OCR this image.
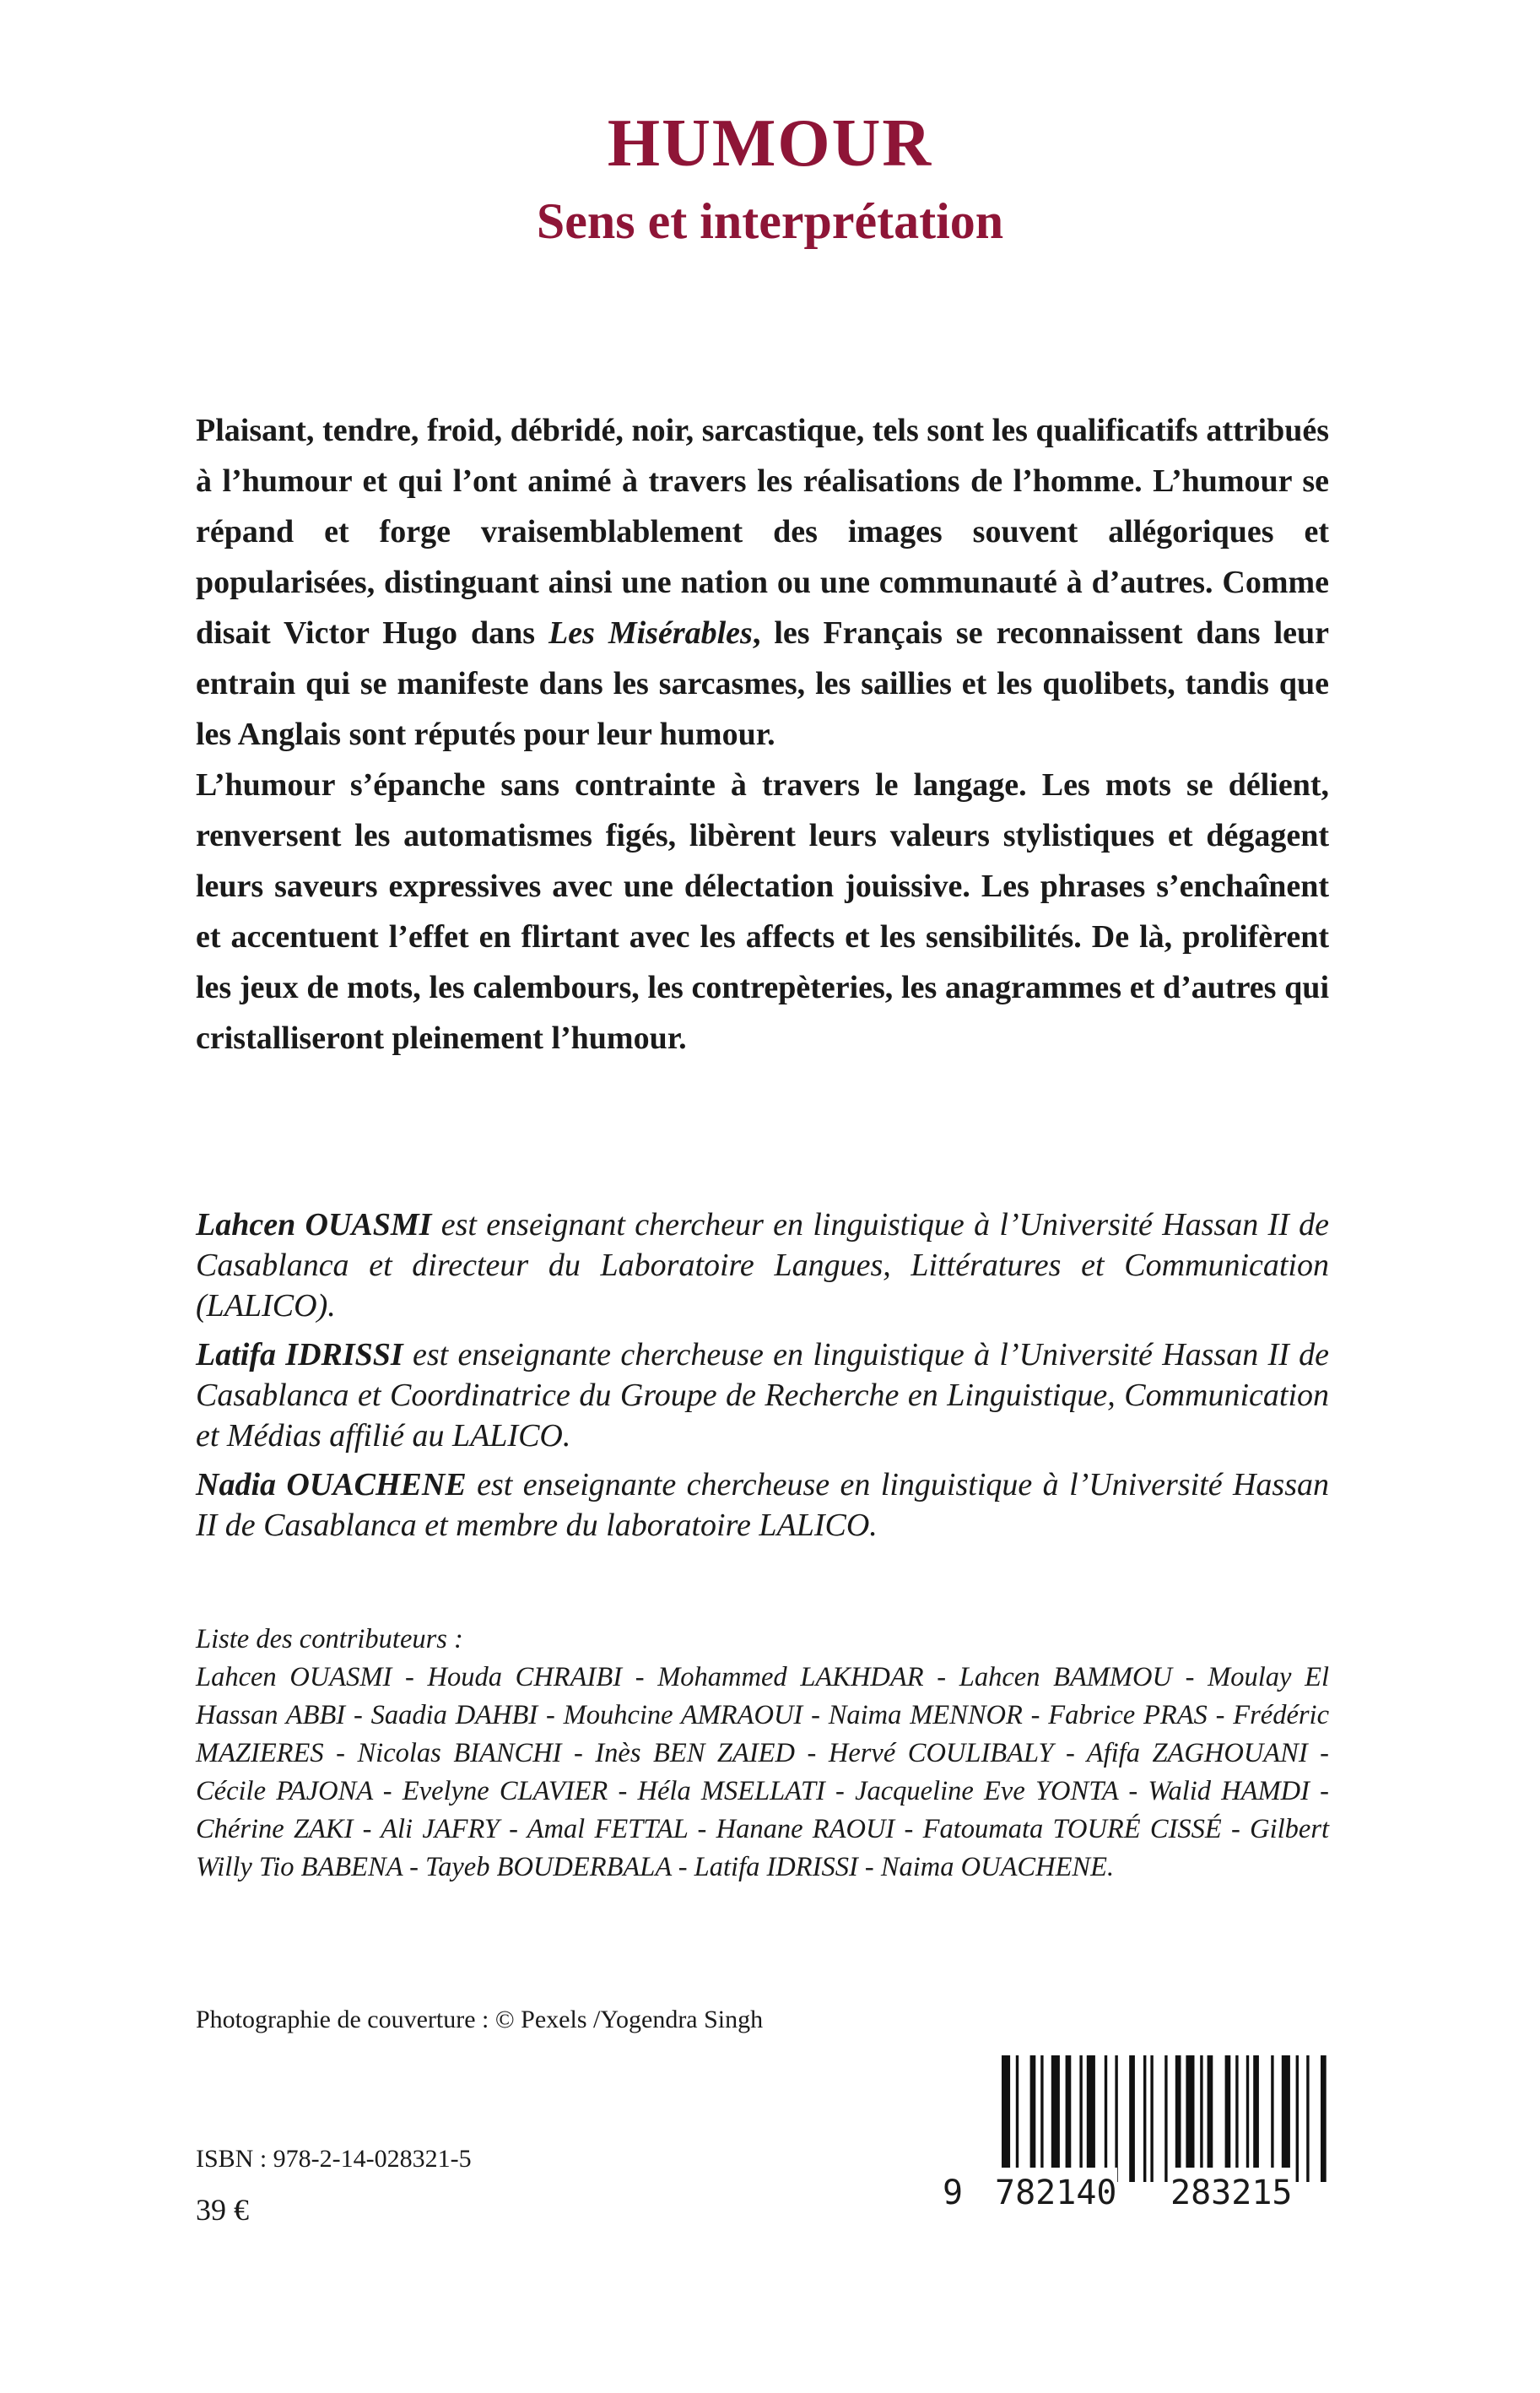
HUMOUR
Sens et interprétation

Plaisant, tendre, froid, débridé, noir, sarcastique, tels sont les qualificatifs attribués à l’humour et qui l’ont animé à travers les réalisations de l’homme. L’humour se répand et forge vraisemblablement des images souvent allégoriques et popularisées, distinguant ainsi une nation ou une communauté à d’autres. Comme disait Victor Hugo dans Les Misérables, les Français se reconnaissent dans leur entrain qui se manifeste dans les sarcasmes, les saillies et les quolibets, tandis que les Anglais sont réputés pour leur humour.

L’humour s’épanche sans contrainte à travers le langage. Les mots se délient, renversent les automatismes figés, libèrent leurs valeurs stylistiques et dégagent leurs saveurs expressives avec une délectation jouissive. Les phrases s’enchaînent et accentuent l’effet en flirtant avec les affects et les sensibilités. De là, prolifèrent les jeux de mots, les calembours, les contrepèteries, les anagrammes et d’autres qui cristalliseront pleinement l’humour.

Lahcen OUASMI est enseignant chercheur en linguistique à l’Université Hassan II de Casablanca et directeur du Laboratoire Langues, Littératures et Communication (LALICO).

Latifa IDRISSI est enseignante chercheuse en linguistique à l’Université Hassan II de Casablanca et Coordinatrice du Groupe de Recherche en Linguistique, Communication et Médias affilié au LALICO.

Nadia OUACHENE est enseignante chercheuse en linguistique à l’Université Hassan II de Casablanca et membre du laboratoire LALICO.

Liste des contributeurs :

Lahcen OUASMI - Houda CHRAIBI - Mohammed LAKHDAR - Lahcen BAMMOU - Moulay El Hassan ABBI - Saadia DAHBI - Mouhcine AMRAOUI - Naima MENNOR - Fabrice PRAS - Frédéric MAZIERES - Nicolas BIANCHI - Inès BEN ZAIED - Hervé COULIBALY - Afifa ZAGHOUANI - Cécile PAJONA - Evelyne CLAVIER - Héla MSELLATI - Jacqueline Eve YONTA - Walid HAMDI - Chérine ZAKI - Ali JAFRY - Amal FETTAL - Hanane RAOUI - Fatoumata TOURÉ CISSÉ - Gilbert Willy Tio BABENA - Tayeb BOUDERBALA - Latifa IDRISSI - Naima OUACHENE.

Photographie de couverture : © Pexels /Yogendra Singh
ISBN : 978-2-14-028321-5
39 €	9 782140 283215
